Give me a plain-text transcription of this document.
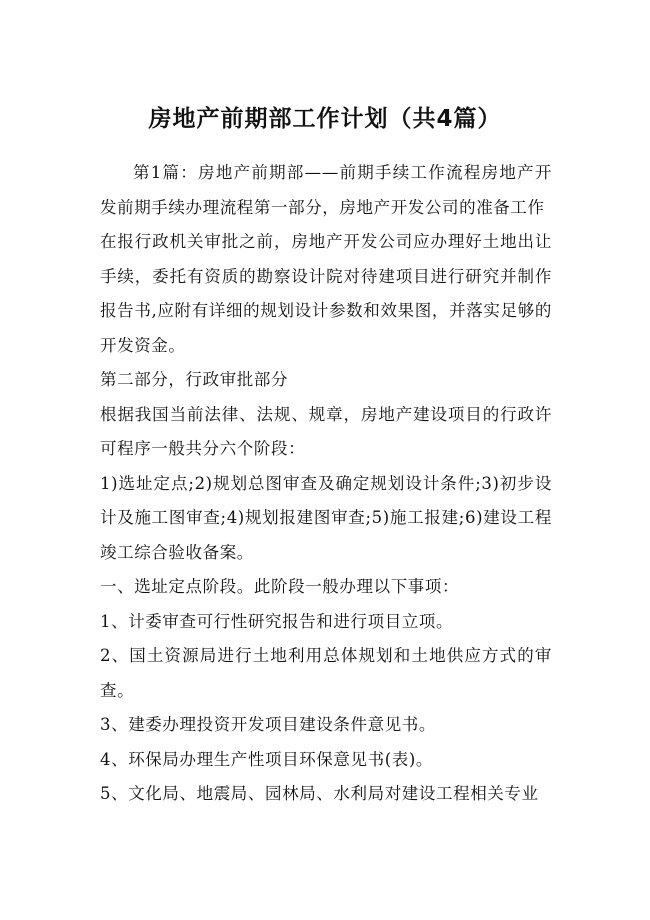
房地产前期部工作计划（共4篇）

第1篇：房地产前期部——前期手续工作流程房地产开发前期手续办理流程第一部分，房地产开发公司的准备工作

在报行政机关审批之前，房地产开发公司应办理好土地出让手续，委托有资质的勘察设计院对待建项目进行研究并制作报告书,应附有详细的规划设计参数和效果图，并落实足够的开发资金。

第二部分，行政审批部分

根据我国当前法律、法规、规章，房地产建设项目的行政许可程序一般共分六个阶段：

1)选址定点;2)规划总图审查及确定规划设计条件;3)初步设计及施工图审查;4)规划报建图审查;5)施工报建;6)建设工程竣工综合验收备案。

一、选址定点阶段。此阶段一般办理以下事项：

1、计委审查可行性研究报告和进行项目立项。

2、国土资源局进行土地利用总体规划和土地供应方式的审查。

3、建委办理投资开发项目建设条件意见书。

4、环保局办理生产性项目环保意见书(表)。

5、文化局、地震局、园林局、水利局对建设工程相关专业
